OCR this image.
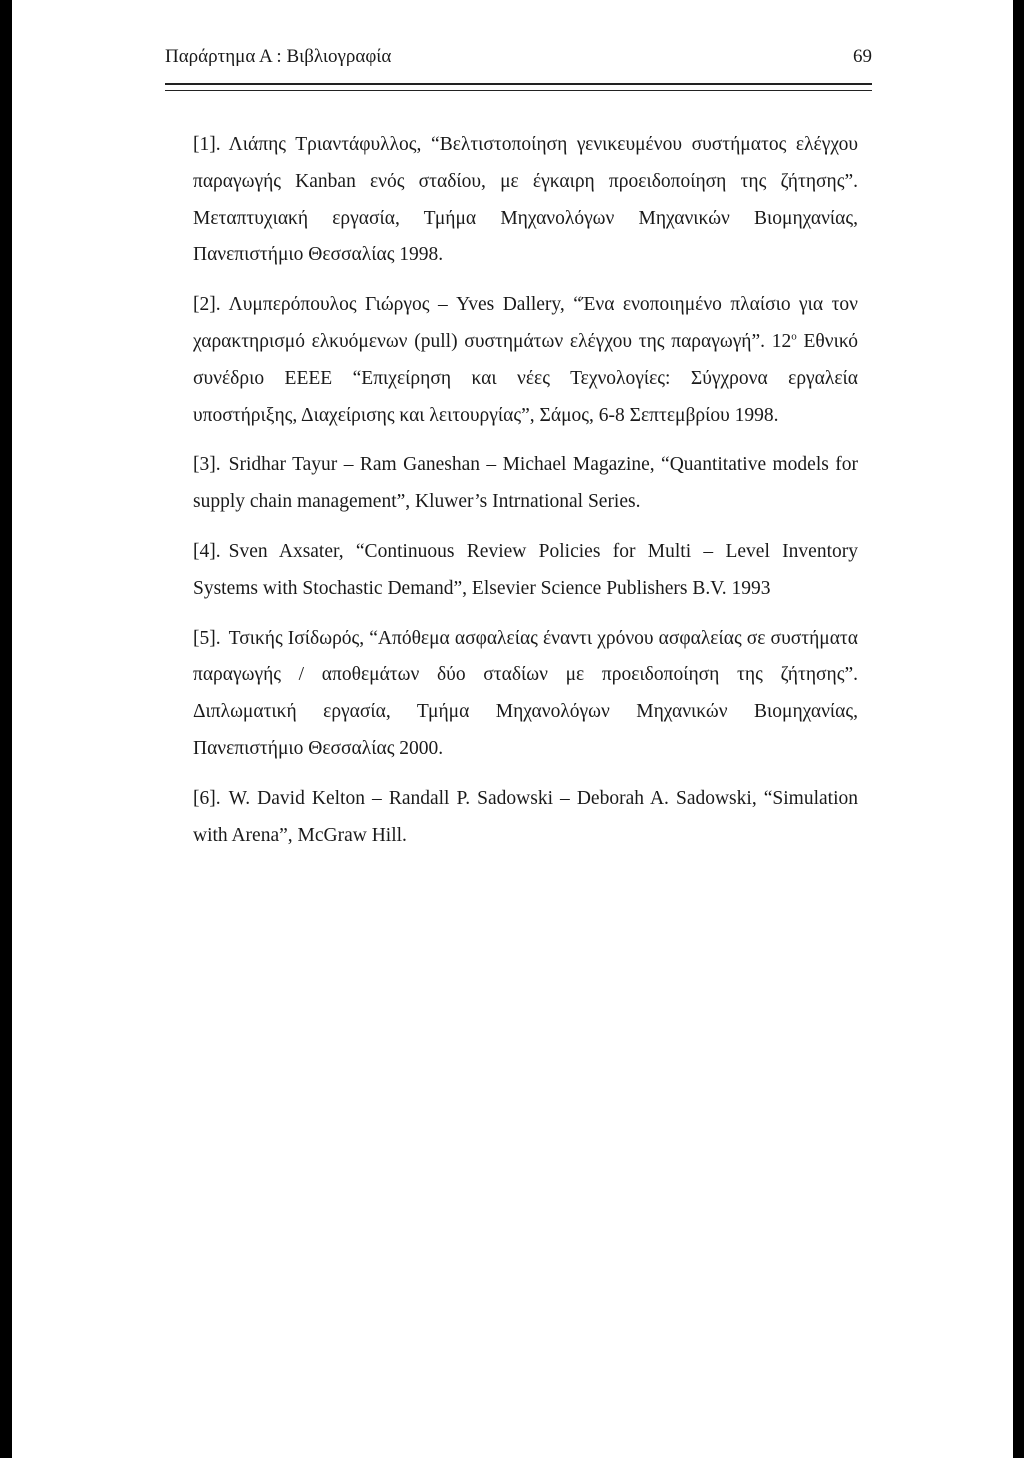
Παράρτημα Α : Βιβλιογραφία	69

[1]. Λιάπης Τριαντάφυλλος, “Βελτιστοποίηση γενικευμένου συστήματος ελέγχου παραγωγής Kanban ενός σταδίου, με έγκαιρη προειδοποίηση της ζήτησης”. Μεταπτυχιακή εργασία, Τμήμα Μηχανολόγων Μηχανικών Βιομηχανίας, Πανεπιστήμιο Θεσσαλίας 1998.

[2]. Λυμπερόπουλος Γιώργος – Yves Dallery, “Ένα ενοποιημένο πλαίσιο για τον χαρακτηρισμό ελκυόμενων (pull) συστημάτων ελέγχου της παραγωγή”. $12^o$ Εθνικό συνέδριο ΕΕΕΕ “Επιχείρηση και νέες Τεχνολογίες: Σύγχρονα εργαλεία υποστήριξης, Διαχείρισης και λειτουργίας”, Σάμος, 6-8 Σεπτεμβρίου 1998.

[3]. Sridhar Tayur – Ram Ganeshan – Michael Magazine, “Quantitative models for supply chain management”, Kluwer’s Intrnational Series.

[4]. Sven Axsater, “Continuous Review Policies for Multi – Level Inventory Systems with Stochastic Demand”, Elsevier Science Publishers B.V. 1993

[5]. Τσικής Ισίδωρός, “Απόθεμα ασφαλείας έναντι χρόνου ασφαλείας σε συστήματα παραγωγής / αποθεμάτων δύο σταδίων με προειδοποίηση της ζήτησης”. Διπλωματική εργασία, Τμήμα Μηχανολόγων Μηχανικών Βιομηχανίας, Πανεπιστήμιο Θεσσαλίας 2000.

[6]. W. David Kelton – Randall P. Sadowski – Deborah A. Sadowski, “Simulation with Arena”, McGraw Hill.
